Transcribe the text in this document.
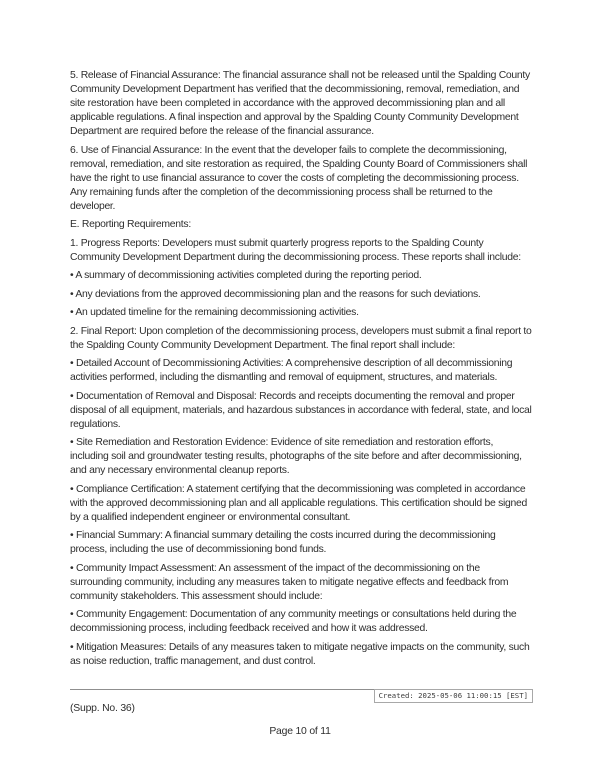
5. Release of Financial Assurance: The financial assurance shall not be released until the Spalding County Community Development Department has verified that the decommissioning, removal, remediation, and site restoration have been completed in accordance with the approved decommissioning plan and all applicable regulations. A final inspection and approval by the Spalding County Community Development Department are required before the release of the financial assurance.

6. Use of Financial Assurance: In the event that the developer fails to complete the decommissioning, removal, remediation, and site restoration as required, the Spalding County Board of Commissioners shall have the right to use financial assurance to cover the costs of completing the decommissioning process. Any remaining funds after the completion of the decommissioning process shall be returned to the developer.

E. Reporting Requirements:

1. Progress Reports: Developers must submit quarterly progress reports to the Spalding County Community Development Department during the decommissioning process. These reports shall include:

• A summary of decommissioning activities completed during the reporting period.

• Any deviations from the approved decommissioning plan and the reasons for such deviations.

• An updated timeline for the remaining decommissioning activities.

2. Final Report: Upon completion of the decommissioning process, developers must submit a final report to the Spalding County Community Development Department. The final report shall include:

• Detailed Account of Decommissioning Activities: A comprehensive description of all decommissioning activities performed, including the dismantling and removal of equipment, structures, and materials.

• Documentation of Removal and Disposal: Records and receipts documenting the removal and proper disposal of all equipment, materials, and hazardous substances in accordance with federal, state, and local regulations.

• Site Remediation and Restoration Evidence: Evidence of site remediation and restoration efforts, including soil and groundwater testing results, photographs of the site before and after decommissioning, and any necessary environmental cleanup reports.

• Compliance Certification: A statement certifying that the decommissioning was completed in accordance with the approved decommissioning plan and all applicable regulations. This certification should be signed by a qualified independent engineer or environmental consultant.

• Financial Summary: A financial summary detailing the costs incurred during the decommissioning process, including the use of decommissioning bond funds.

• Community Impact Assessment: An assessment of the impact of the decommissioning on the surrounding community, including any measures taken to mitigate negative effects and feedback from community stakeholders. This assessment should include:

• Community Engagement: Documentation of any community meetings or consultations held during the decommissioning process, including feedback received and how it was addressed.

• Mitigation Measures: Details of any measures taken to mitigate negative impacts on the community, such as noise reduction, traffic management, and dust control.

Created: 2025-05-06 11:00:15 [EST]
(Supp. No. 36)
Page 10 of 11
